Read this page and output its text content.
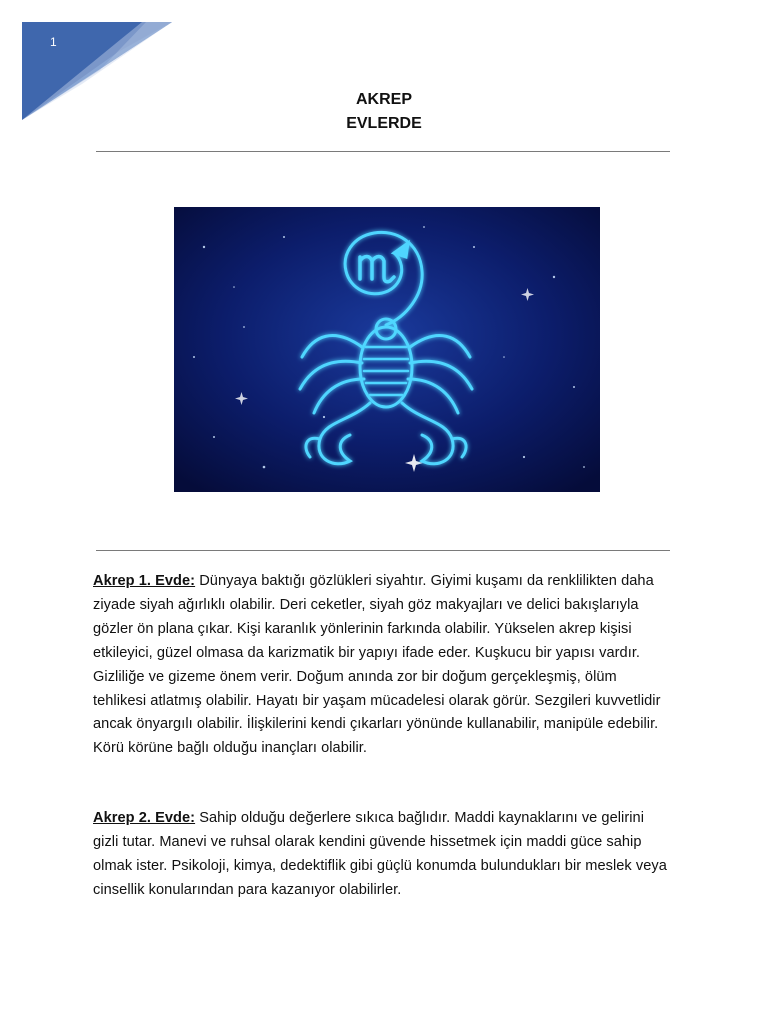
1
AKREP
EVLERDE

Akrep 1. Evde: Dünyaya baktığı gözlükleri siyahtır. Giyimi kuşamı da renklilikten daha ziyade siyah ağırlıklı olabilir. Deri ceketler, siyah göz makyajları ve delici bakışlarıyla gözler ön plana çıkar. Kişi karanlık yönlerinin farkında olabilir. Yükselen akrep kişisi etkileyici, güzel olmasa da karizmatik bir yapıyı ifade eder. Kuşkucu bir yapısı vardır. Gizliliğe ve gizeme önem verir. Doğum anında zor bir doğum gerçekleşmiş, ölüm tehlikesi atlatmış olabilir. Hayatı bir yaşam mücadelesi olarak görür. Sezgileri kuvvetlidir ancak önyargılı olabilir. İlişkilerini kendi çıkarları yönünde kullanabilir, manipüle edebilir. Körü körüne bağlı olduğu inançları olabilir.

Akrep 2. Evde: Sahip olduğu değerlere sıkıca bağlıdır. Maddi kaynaklarını ve gelirini gizli tutar. Manevi ve ruhsal olarak kendini güvende hissetmek için maddi güce sahip olmak ister. Psikoloji, kimya, dedektiflik gibi güçlü konumda bulundukları bir meslek veya cinsellik konularından para kazanıyor olabilirler.
